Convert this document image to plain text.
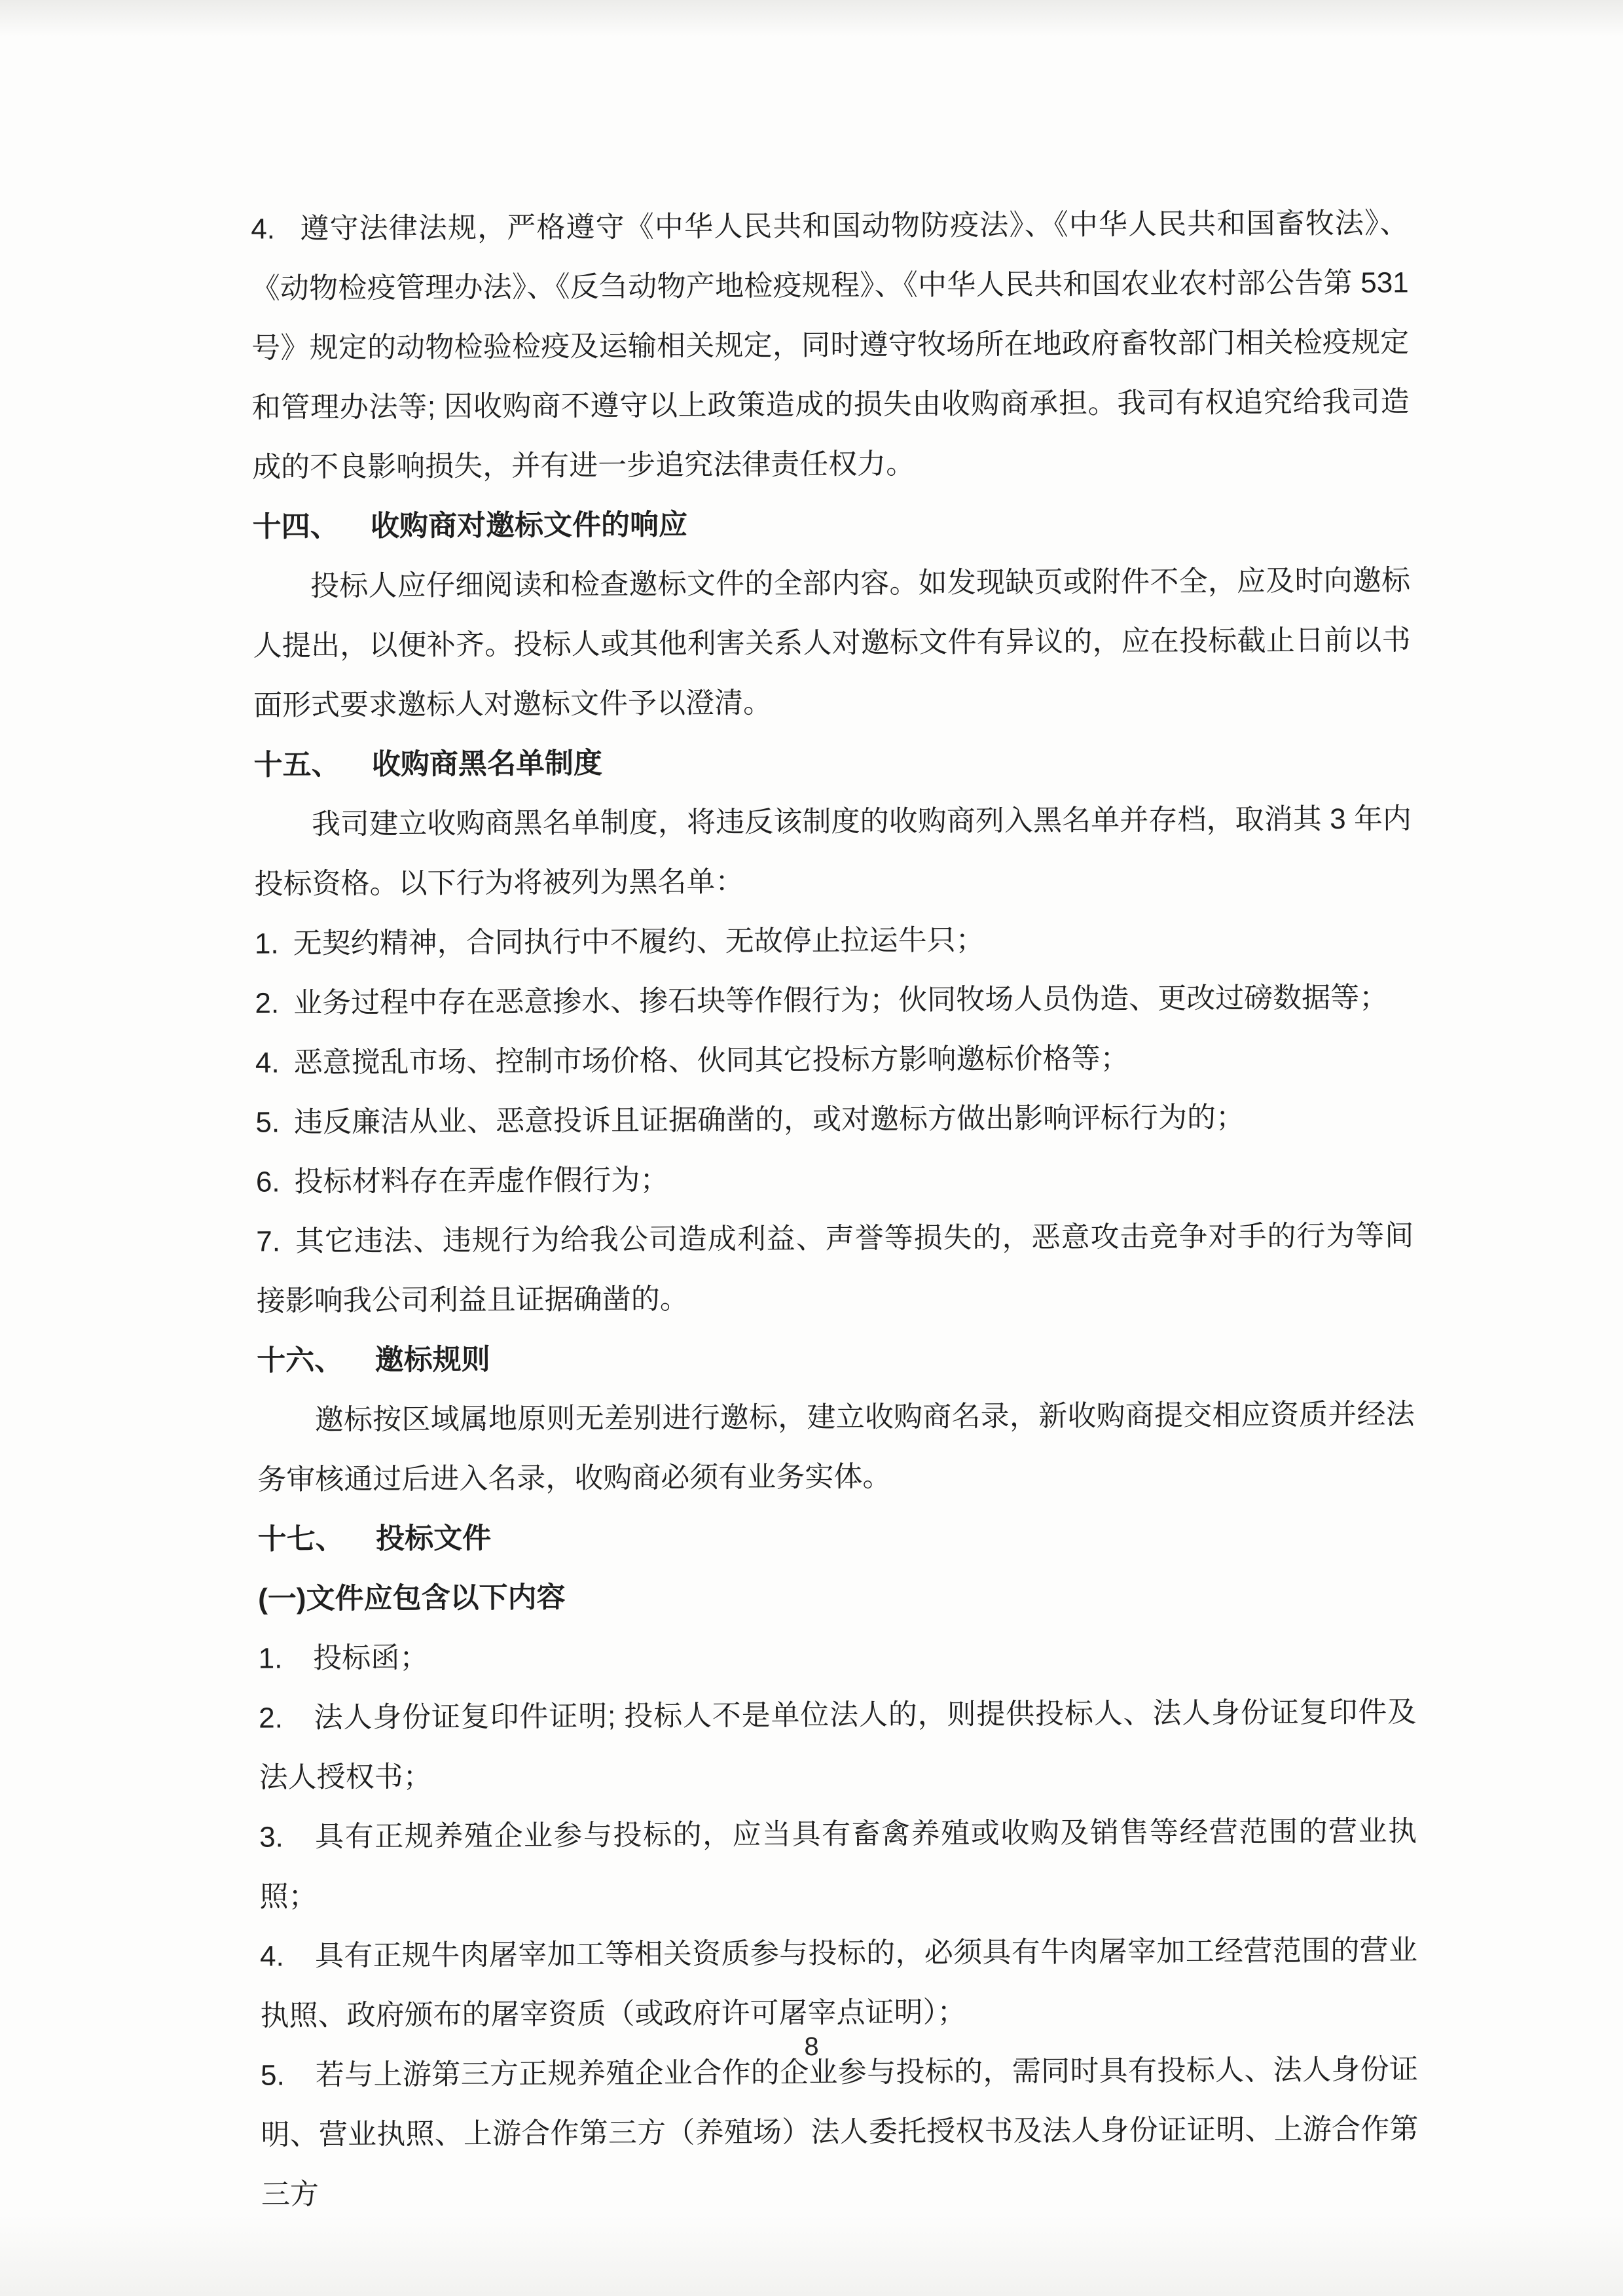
4. 遵守法律法规，严格遵守《中华人民共和国动物防疫法》、《中华人民共和国畜牧法》、《动物检疫管理办法》、《反刍动物产地检疫规程》、《中华人民共和国农业农村部公告第 531 号》规定的动物检验检疫及运输相关规定，同时遵守牧场所在地政府畜牧部门相关检疫规定和管理办法等; 因收购商不遵守以上政策造成的损失由收购商承担。我司有权追究给我司造成的不良影响损失，并有进一步追究法律责任权力。
十四、 收购商对邀标文件的响应
投标人应仔细阅读和检查邀标文件的全部内容。如发现缺页或附件不全，应及时向邀标人提出，以便补齐。投标人或其他利害关系人对邀标文件有异议的，应在投标截止日前以书面形式要求邀标人对邀标文件予以澄清。
十五、 收购商黑名单制度
我司建立收购商黑名单制度，将违反该制度的收购商列入黑名单并存档，取消其 3 年内投标资格。以下行为将被列为黑名单：
1. 无契约精神，合同执行中不履约、无故停止拉运牛只；
2. 业务过程中存在恶意掺水、掺石块等作假行为；伙同牧场人员伪造、更改过磅数据等；
4. 恶意搅乱市场、控制市场价格、伙同其它投标方影响邀标价格等；
5. 违反廉洁从业、恶意投诉且证据确凿的，或对邀标方做出影响评标行为的；
6. 投标材料存在弄虚作假行为；
7. 其它违法、违规行为给我公司造成利益、声誉等损失的，恶意攻击竞争对手的行为等间接影响我公司利益且证据确凿的。
十六、 邀标规则
邀标按区域属地原则无差别进行邀标，建立收购商名录，新收购商提交相应资质并经法务审核通过后进入名录，收购商必须有业务实体。
十七、 投标文件
(一)文件应包含以下内容
1. 投标函；
2. 法人身份证复印件证明; 投标人不是单位法人的，则提供投标人、法人身份证复印件及法人授权书；
3. 具有正规养殖企业参与投标的，应当具有畜禽养殖或收购及销售等经营范围的营业执照；
4. 具有正规牛肉屠宰加工等相关资质参与投标的，必须具有牛肉屠宰加工经营范围的营业执照、政府颁布的屠宰资质（或政府许可屠宰点证明）；
5. 若与上游第三方正规养殖企业合作的企业参与投标的，需同时具有投标人、法人身份证明、营业执照、上游合作第三方（养殖场）法人委托授权书及法人身份证证明、上游合作第三方
8
